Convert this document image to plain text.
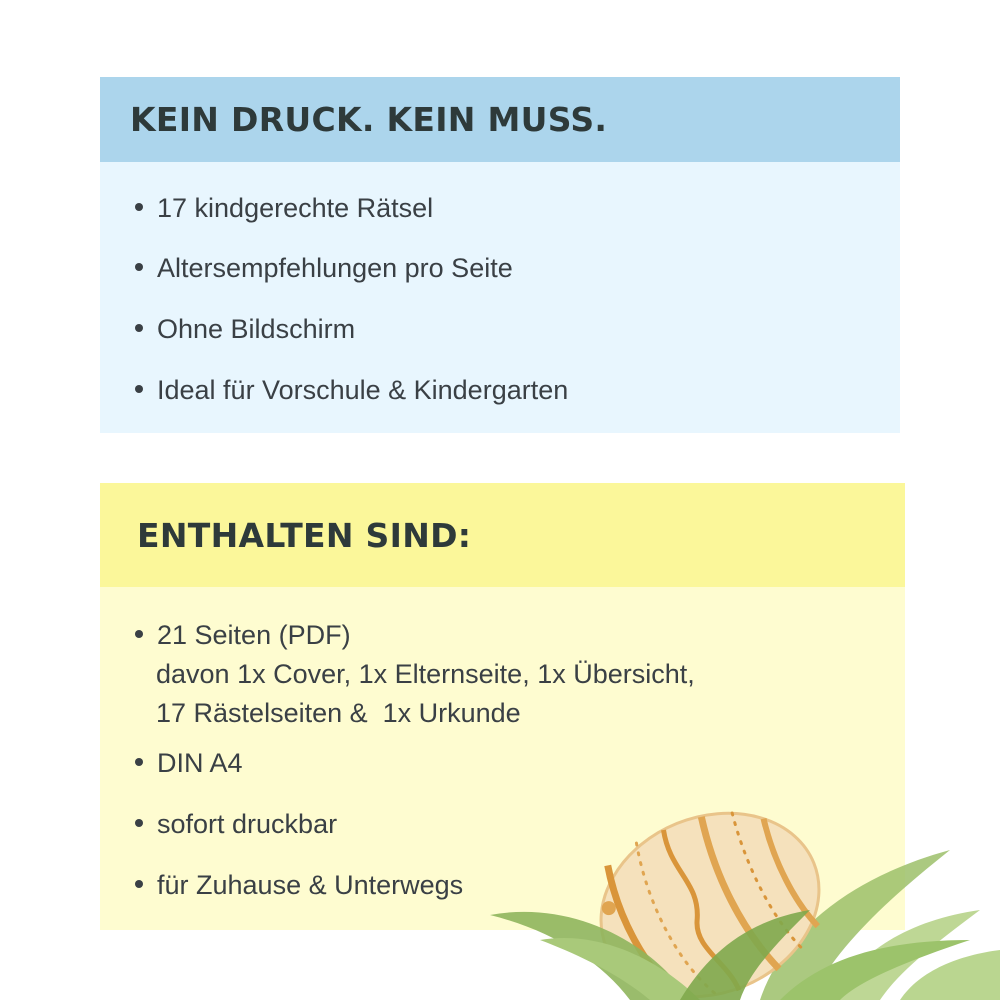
KEIN DRUCK. KEIN MUSS.
17 kindgerechte Rätsel
Altersempfehlungen pro Seite
Ohne Bildschirm
Ideal für Vorschule & Kindergarten
ENTHALTEN SIND:
21 Seiten (PDF)
davon 1x Cover, 1x Elternseite, 1x Übersicht,
17 Rästelseiten &  1x Urkunde
DIN A4
sofort druckbar
für Zuhause & Unterwegs
